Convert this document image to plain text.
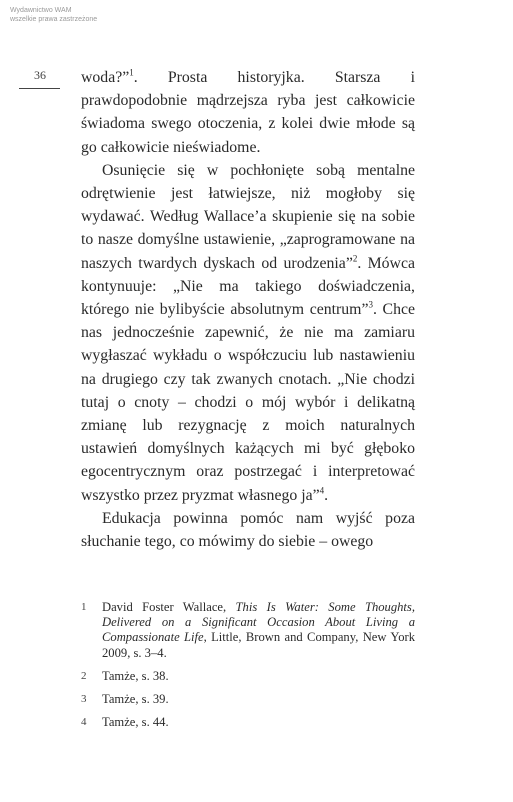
Wydawnictwo WAM
wszelkie prawa zastrzeżone
36 woda?”$^1$. Prosta historyjka. Starsza i prawdopodobnie mądrzejsza ryba jest całkowicie świadoma swego otoczenia, z kolei dwie młode są go całkowicie nieświadome.

Osunięcie się w pochłonięte sobą mentalne odrętwienie jest łatwiejsze, niż mogłoby się wydawać. Według Wallace’a skupienie się na sobie to nasze domyślne ustawienie, „zaprogramowane na naszych twardych dyskach od urodzenia”$^2$. Mówca kontynuuje: „Nie ma takiego doświadczenia, którego nie bylibyście absolutnym centrum”$^3$. Chce nas jednocześnie zapewnić, że nie ma zamiaru wygłaszać wykładu o współczuciu lub nastawieniu na drugiego czy tak zwanych cnotach. „Nie chodzi tutaj o cnoty – chodzi o mój wybór i delikatną zmianę lub rezygnację z moich naturalnych ustawień domyślnych każących mi być głęboko egocentrycznym oraz postrzegać i interpretować wszystko przez pryzmat własnego ja”$^4$.

Edukacja powinna pomóc nam wyjść poza słuchanie tego, co mówimy do siebie – owego

1 David Foster Wallace, This Is Water: Some Thoughts, Delivered on a Significant Occasion About Living a Compassionate Life, Little, Brown and Company, New York 2009, s. 3–4.
2 Tamże, s. 38.
3 Tamże, s. 39.
4 Tamże, s. 44.
